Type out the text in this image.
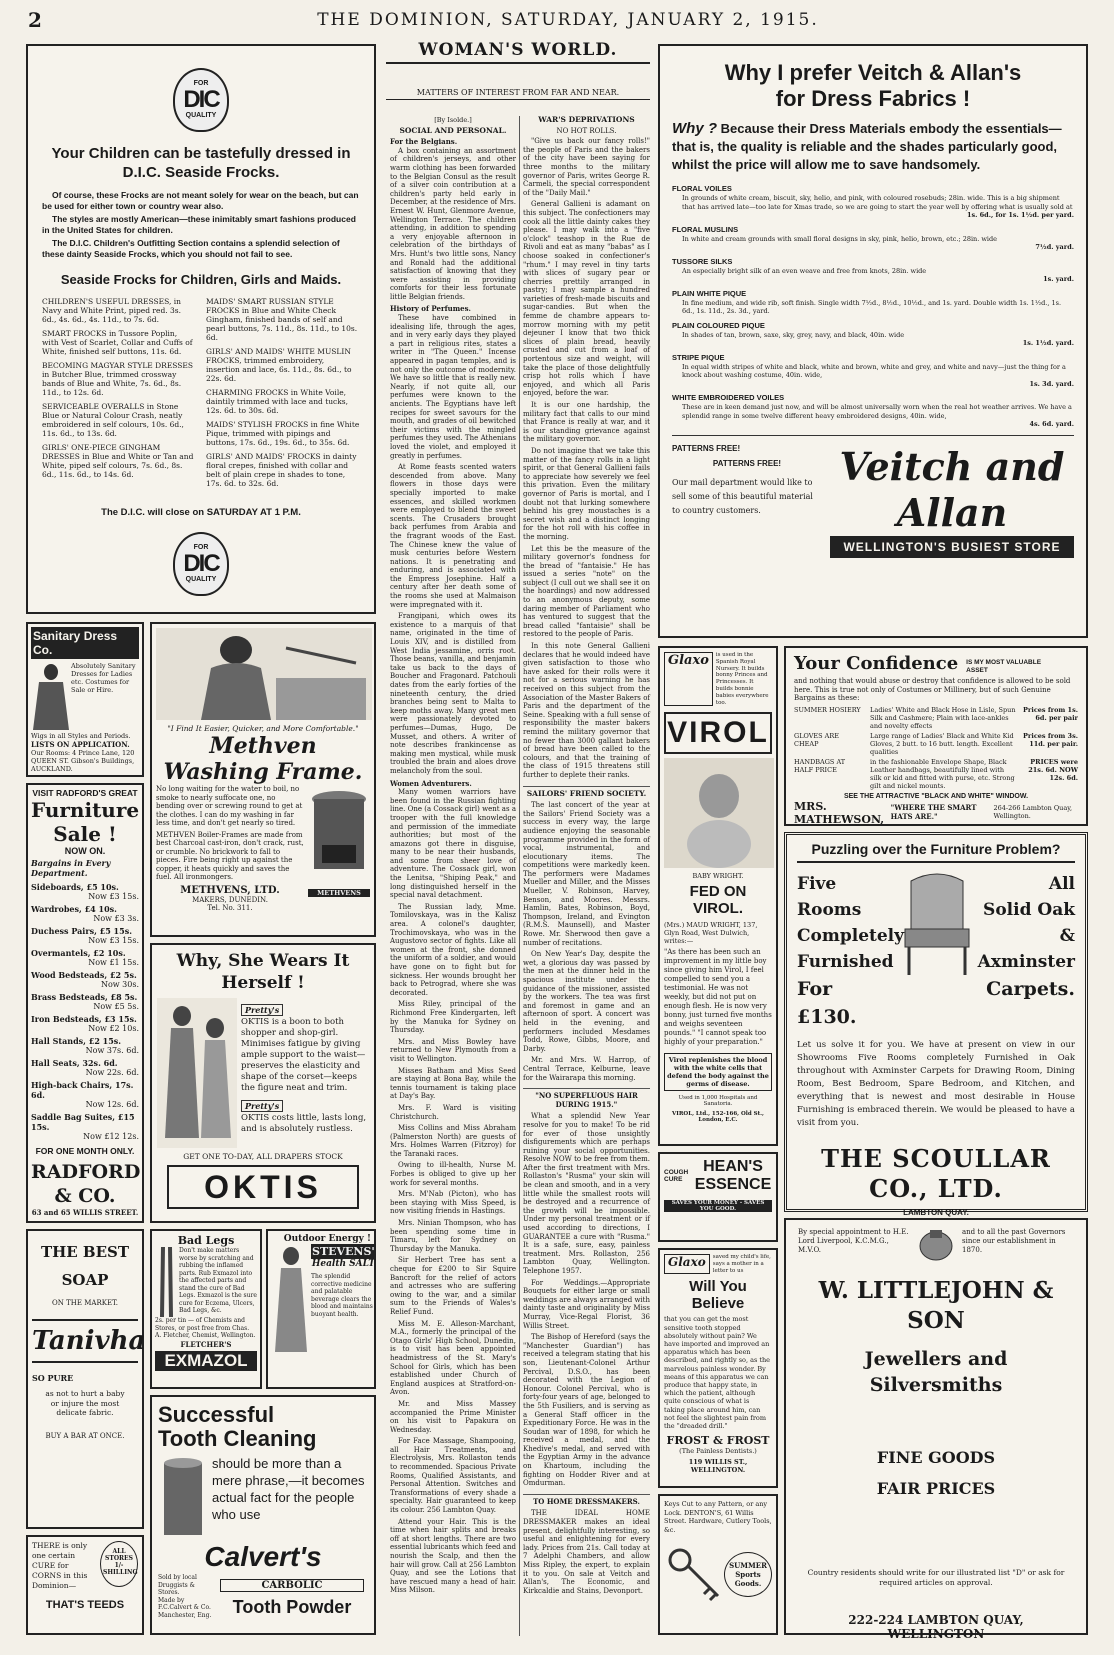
2	THE DOMINION, SATURDAY, JANUARY 2, 1915.
FOR
DIC
QUALITY
Your Children can be tastefully dressed in D.I.C. Seaside Frocks.
Of course, these Frocks are not meant solely for wear on the beach, but can be used for either town or country wear also.
The styles are mostly American—these inimitably smart fashions produced in the United States for children.
The D.I.C. Children's Outfitting Section contains a splendid selection of these dainty Seaside Frocks, which you should not fail to see.
Seaside Frocks for Children, Girls and Maids.
CHILDREN'S USEFUL DRESSES, in Navy and White Print, piped red. 3s. 6d., 4s. 6d., 4s. 11d., to 7s. 6d.
SMART FROCKS in Tussore Poplin, with Vest of Scarlet, Collar and Cuffs of White, finished self buttons, 11s. 6d.
BECOMING MAGYAR STYLE DRESSES in Butcher Blue, trimmed crossway bands of Blue and White, 7s. 6d., 8s. 11d., to 12s. 6d.
SERVICEABLE OVERALLS in Stone Blue or Natural Colour Crash, neatly embroidered in self colours, 10s. 6d., 11s. 6d., to 13s. 6d.
GIRLS' ONE-PIECE GINGHAM DRESSES in Blue and White or Tan and White, piped self colours, 7s. 6d., 8s. 6d., 11s. 6d., to 14s. 6d.
MAIDS' SMART RUSSIAN STYLE FROCKS in Blue and White Check Gingham, finished bands of self and pearl buttons, 7s. 11d., 8s. 11d., to 10s. 6d.
GIRLS' AND MAIDS' WHITE MUSLIN FROCKS, trimmed embroidery, insertion and lace, 6s. 11d., 8s. 6d., to 22s. 6d.
CHARMING FROCKS in White Voile, daintily trimmed with lace and tucks, 12s. 6d. to 30s. 6d.
MAIDS' STYLISH FROCKS in fine White Pique, trimmed with pipings and buttons, 17s. 6d., 19s. 6d., to 35s. 6d.
GIRLS' AND MAIDS' FROCKS in dainty floral crepes, finished with collar and belt of plain crepe in shades to tone, 17s. 6d. to 32s. 6d.
The D.I.C. will close on SATURDAY AT 1 P.M.
FOR
DIC
QUALITY
Sanitary Dress Co.
Absolutely Sanitary Dresses for Ladies etc. Costumes for Sale or Hire.
Wigs in all Styles and Periods.
LISTS ON APPLICATION.
Our Rooms: 4 Prince Lane, 120 QUEEN ST. Gibson's Buildings, AUCKLAND.
"I Find It Easier, Quicker, and More Comfortable."
Methven Washing Frame.
No long waiting for the water to boil, no smoke to nearly suffocate one, no bending over or screwing round to get at the clothes. I can do my washing in far less time, and don't get nearly so tired.
METHVEN Boiler-Frames are made from best Charcoal cast-iron, don't crack, rust, or crumble. No brickwork to fall to pieces. Fire being right up against the copper, it heats quickly and saves the fuel. All ironmongers.
METHVENS, LTD.
MAKERS, DUNEDIN.
Tel. No. 311.
METHVENS
VISIT RADFORD'S GREAT
Furniture Sale !
NOW ON.
Bargains in Every Department.
Sideboards, £5 10s.
Now £3 15s.
Wardrobes, £4 10s.
Now £3 3s.
Duchess Pairs, £5 15s.
Now £3 15s.
Overmantels, £2 10s.
Now £1 15s.
Wood Bedsteads, £2 5s.
Now 30s.
Brass Bedsteads, £8 5s.
Now £5 5s.
Iron Bedsteads, £3 15s.
Now £2 10s.
Hall Stands, £2 15s.
Now 37s. 6d.
Hall Seats, 32s. 6d.
Now 22s. 6d.
High-back Chairs, 17s. 6d.
Now 12s. 6d.
Saddle Bag Suites, £15 15s.
Now £12 12s.
FOR ONE MONTH ONLY.
RADFORD & CO.
63 and 65 WILLIS STREET.
Why, She Wears It Herself !
Pretty's
OKTIS is a boon to both shopper and shop-girl. Minimises fatigue by giving ample support to the waist—preserves the elasticity and shape of the corset—keeps the figure neat and trim.
Pretty's
OKTIS costs little, lasts long, and is absolutely rustless.
GET ONE TO-DAY, ALL DRAPERS STOCK
OKTIS
THE BEST
SOAP
ON THE MARKET.
Tanivha
SO PURE
as not to hurt a baby or injure the most delicate fabric.
BUY A BAR AT ONCE.
THERE is only one certain CURE for CORNS in this Dominion—
ALL STORES 1/- SHILLING
THAT'S TEEDS
Bad Legs
Don't make matters worse by scratching and rubbing the inflamed parts. Rub Exmazol into the affected parts and stand the cure of Bad Legs. Exmazol is the sure cure for Eczema, Ulcers, Bad Legs, &c.
2s. per tin — of Chemists and Stores, or post free from Chas. A. Fletcher, Chemist, Wellington.
FLETCHER'S
EXMAZOL
Outdoor Energy !
STEVENS'
Health SALT
The splendid corrective medicine and palatable beverage clears the blood and maintains buoyant health.
Successful
Tooth Cleaning
should be more than a mere phrase,—it becomes actual fact for the people who use
Calvert's
Sold by local Druggists & Stores.
CARBOLIC
Made by F.C.Calvert & Co. Manchester, Eng.	Tooth Powder
WOMAN'S WORLD.
MATTERS OF INTEREST FROM FAR AND NEAR.
[By Isolde.]
SOCIAL AND PERSONAL.
For the Belgians.

A box containing an assortment of children's jerseys, and other warm clothing has been forwarded to the Belgian Consul as the result of a silver coin contribution at a children's party held early in December, at the residence of Mrs. Ernest W. Hunt, Glenmore Avenue, Wellington Terrace. The children attending, in addition to spending a very enjoyable afternoon in celebration of the birthdays of Mrs. Hunt's two little sons, Nancy and Ronald had the additional satisfaction of knowing that they were assisting in providing comforts for their less fortunate little Belgian friends.

History of Perfumes.

These have combined in idealising life, through the ages, and in very early days they played a part in religious rites, states a writer in "The Queen." Incense appeared in pagan temples, and is not only the outcome of modernity. We have so little that is really new. Nearly, if not quite all, our perfumes were known to the ancients. The Egyptians have left recipes for sweet savours for the mouth, and grades of oil bewitched their victims with the mingled perfumes they used. The Athenians loved the violet, and employed it greatly in perfumes.

At Rome feasts scented waters descended from above. Many flowers in those days were specially imported to make essences, and skilled workmen were employed to blend the sweet scents. The Crusaders brought back perfumes from Arabia and the fragrant woods of the East. The Chinese knew the value of musk centuries before Western nations. It is penetrating and enduring, and is associated with the Empress Josephine. Half a century after her death some of the rooms she used at Malmaison were impregnated with it.

Frangipani, which owes its existence to a marquis of that name, originated in the time of Louis XIV, and is distilled from West India jessamine, orris root. Those beans, vanilla, and benjamin take us back to the days of Boucher and Fragonard. Patchouli dates from the early forties of the nineteenth century, the dried branches being sent to Malta to keep moths away. Many great men were passionately devoted to perfumes—Dumas, Hugo, De Musset, and others. A writer of note describes frankincense as making men mystical, while musk troubled the brain and aloes drove melancholy from the soul.

Women Adventurers.

Many women warriors have been found in the Russian fighting line. One (a Cossack girl) went as a trooper with the full knowledge and permission of the immediate authorities; but most of the amazons got there in disguise, many to be near their husbands, and some from sheer love of adventure. The Cossack girl, won the Lenitsa, "Shiping Peak," and long distinguished herself in the special naval detachment.

The Russian lady, Mme. Tomilovskaya, was in the Kalisz area. A colonel's daughter, Trochimovskaya, who was in the Augustovo sector of fights. Like all women at the front, she donned the uniform of a soldier, and would have gone on to fight but for sickness. Her wounds brought her back to Petrograd, where she was decorated.

Miss Riley, principal of the Richmond Free Kindergarten, left by the Manuka for Sydney on Thursday.

Mrs. and Miss Bowley have returned to New Plymouth from a visit to Wellington.

Misses Batham and Miss Seed are staying at Bona Bay, while the tennis tournament is taking place at Day's Bay.

Mrs. F. Ward is visiting Christchurch.

Miss Collins and Miss Abraham (Palmerston North) are guests of Mrs. Holmes Warren (Fitzroy) for the Taranaki races.

Owing to ill-health, Nurse M. Forbes is obliged to give up her work for several months.

Mrs. M'Nab (Picton), who has been staying with Miss Speed, is now visiting friends in Hastings.

Mrs. Ninian Thompson, who has been spending some time in Timaru, left for Sydney on Thursday by the Manuka.

Sir Herbert Tree has sent a cheque for £200 to Sir Squire Bancroft for the relief of actors and actresses who are suffering owing to the war, and a similar sum to the Friends of Wales's Relief Fund.

Miss M. E. Alleson-Marchant, M.A., formerly the principal of the Otago Girls' High School, Dunedin, is to visit has been appointed headmistress of the St. Mary's School for Girls, which has been established under Church of England auspices at Stratford-on-Avon.

Mr. and Miss Massey accompanied the Prime Minister on his visit to Papakura on Wednesday.

For Face Massage, Shampooing, all Hair Treatments, and Electrolysis, Mrs. Rollaston tends to recommended. Spacious Private Rooms, Qualified Assistants, and Personal Attention. Switches and Transformations of every shade a specialty. Hair guaranteed to keep its colour. 256 Lambton Quay.

Attend your Hair. This is the time when hair splits and breaks off at short lengths. There are two essential lubricants which feed and nourish the Scalp, and then the hair will grow. Call at 256 Lambton Quay, and see the Lotions that have rescued many a head of hair. Miss Milson.

WAR'S DEPRIVATIONS
NO HOT ROLLS.

"Give us back our fancy rolls!" the people of Paris and the bakers of the city have been saying for three months to the military governor of Paris, writes George R. Carmeli, the special correspondent of the "Daily Mail."

General Gallieni is adamant on this subject. The confectioners may cook all the little dainty cakes they please. I may walk into a "five o'clock" teashop in the Rue de Rivoli and eat as many "babas" as I choose soaked in confectioner's "rhum." I may revel in tiny tarts with slices of sugary pear or cherries prettily arranged in pastry; I may sample a hundred varieties of fresh-made biscuits and sugar-candies. But when the femme de chambre appears to-morrow morning with my petit dejeuner I know that two thick slices of plain bread, heavily crusted and cut from a loaf of portentous size and weight, will take the place of those delightfully crisp hot rolls which I have enjoyed, and which all Paris enjoyed, before the war.

It is our one hardship, the military fact that calls to our mind that France is really at war, and it is our standing grievance against the military governor.

Do not imagine that we take this matter of the fancy rolls in a light spirit, or that General Gallieni fails to appreciate how severely we feel this privation. Even the military governor of Paris is mortal, and I doubt not that lurking somewhere behind his grey moustaches is a secret wish and a distinct longing for the hot roll with his coffee in the morning.

Let this be the measure of the military governor's fondness for the bread of "fantaisie." He has issued a series "note" on the subject (I cull out we shall see it on the hoardings) and now addressed to an anonymous deputy, some daring member of Parliament who has ventured to suggest that the bread called "fantaisie" shall be restored to the people of Paris.

In this note General Gallieni declares that he would indeed have given satisfaction to those who have asked for their rolls were it not for a serious warning he has received on this subject from the Association of the Master Bakers of Paris and the department of the Seine. Speaking with a full sense of responsibility the master bakers remind the military governor that no fewer than 3000 gallant bakers of bread have been called to the colours, and that the training of the class of 1915 threatens still further to deplete their ranks.

SAILORS' FRIEND SOCIETY.

The last concert of the year at the Sailors' Friend Society was a success in every way, the large audience enjoying the seasonable programme provided in the form of vocal, instrumental, and elocutionary items. The competitions were markedly keen. The performers were Madames Mueller and Miller, and the Misses Mueller, V. Robinson, Harvey, Benson, and Moores. Messrs. Hamlin, Bates, Robinson, Boyd, Thompson, Ireland, and Evington (R.M.S. Maunsell), and Master Rowe. Mr. Sherwood then gave a number of recitations.

On New Year's Day, despite the wet, a glorious day was passed by the men at the dinner held in the spacious institute under the guidance of the missioner, assisted by the workers. The tea was first and foremost in game and an afternoon of sport. A concert was held in the evening, and performers included Mesdames Todd, Rowe, Gibbs, Moore, and Darby.

Mr. and Mrs. W. Harrop, of Central Terrace, Kelburne, leave for the Wairarapa this morning.

"NO SUPERFLUOUS HAIR DURING 1915."

What a splendid New Year resolve for you to make! To be rid for ever of those unsightly disfigurements which are perhaps ruining your social opportunities. Resolve NOW to be free from them. After the first treatment with Mrs. Rollaston's "Rusma" your skin will be clean and smooth, and in a very little while the smallest roots will be destroyed and a recurrence of the growth will be impossible. Under my personal treatment or if used according to directions, I GUARANTEE a cure with "Rusma." It is a safe, sure, easy, painless treatment. Mrs. Rollaston, 256 Lambton Quay, Wellington. Telephone 1957.

For Weddings.—Appropriate Bouquets for either large or small weddings are always arranged with dainty taste and originality by Miss Murray, Vice-Regal Florist, 36 Willis Street.

The Bishop of Hereford (says the "Manchester Guardian") has received a telegram stating that his son, Lieutenant-Colonel Arthur Percival, D.S.O., has been decorated with the Legion of Honour. Colonel Percival, who is forty-four years of age, belonged to the 5th Fusiliers, and is serving as a General Staff officer in the Expeditionary Force. He was in the Soudan war of 1898, for which he received a medal, and the Khedive's medal, and served with the Egyptian Army in the advance on Khartoum, including the fighting on Hodder River and at Omdurman.

TO HOME DRESSMAKERS.

THE IDEAL HOME DRESSMAKER makes an ideal present, delightfully interesting, so useful and enlightening for every lady. Prices from 21s. Call today at 7 Adelphi Chambers, and allow Miss Ripley, the expert, to explain it to you. On sale at Veitch and Allan's, The Economic, and Kirkcaldie and Stains, Devonport.

Why I prefer Veitch & Allan's
for Dress Fabrics !
Why ? Because their Dress Materials embody the essentials—that is, the quality is reliable and the shades particularly good, whilst the price will allow me to save handsomely.
FLORAL VOILES
In grounds of white cream, biscuit, sky, helio, and pink, with coloured rosebuds; 28in. wide. This is a big shipment that has arrived late—too late for Xmas trade, so we are going to start the year well by offering what is usually sold at
1s. 6d., for 1s. 1½d. per yard.
FLORAL MUSLINS
In white and cream grounds with small floral designs in sky, pink, helio, brown, etc.; 28in. wide
7½d. yard.
TUSSORE SILKS
An especially bright silk of an even weave and free from knots, 28in. wide
1s. yard.
PLAIN WHITE PIQUE
In fine medium, and wide rib, soft finish. Single width 7½d., 8½d., 10½d., and 1s. yard. Double width 1s. 1½d., 1s. 6d., 1s. 11d., 2s. 3d., yard.
PLAIN COLOURED PIQUE
In shades of tan, brown, saxe, sky, grey, navy, and black, 40in. wide
1s. 1½d. yard.
STRIPE PIQUE
In equal width stripes of white and black, white and brown, white and grey, and white and navy—just the thing for a knock about washing costume, 40in. wide,
1s. 3d. yard.
WHITE EMBROIDERED VOILES
These are in keen demand just now, and will be almost universally worn when the real hot weather arrives. We have a splendid range in some twelve different heavy embroidered designs, 40in. wide,
4s. 6d. yard.
PATTERNS FREE!
PATTERNS FREE!
Our mail department would like to sell some of this beautiful material to country customers.
Veitch and Allan
WELLINGTON'S BUSIEST STORE
Glaxo	is used in the Spanish Royal Nursery. It builds bonny Princes and Princesses. It builds bonnie babies everywhere too.
VIROL
BABY WRIGHT.
FED ON VIROL.
(Mrs.) MAUD WRIGHT, 137, Glyn Road, West Dulwich, writes:—
"As there has been such an improvement in my little boy since giving him Virol, I feel compelled to send you a testimonial. He was not weekly, but did not put on enough flesh. He is now very bonny, just turned five months and weighs seventeen pounds." "I cannot speak too highly of your preparation."
Virol replenishes the blood with the white cells that defend the body against the germs of disease.
Used in 1,000 Hospitals and Sanatoria.
VIROL, Ltd., 152-166, Old St., London, E.C.
COUGH
CURE
HEAN'S
ESSENCE
SAVES YOUR MONEY - SAVES YOU GOOD.
Glaxo	saved my child's life, says a mother in a letter to us
Will You Believe
that you can get the most sensitive tooth stopped absolutely without pain? We have imported and improved an apparatus which has been described, and rightly so, as the marvelous painless wonder. By means of this apparatus we can produce that happy state, in which the patient, although quite conscious of what is taking place around him, can not feel the slightest pain from the "dreaded drill."
FROST & FROST
(The Painless Dentists.)
119 WILLIS ST., WELLINGTON.
Keys Cut to any Pattern, or any Lock. DENTON'S, 61 Willis Street. Hardware, Cutlery Tools, &c.
SUMMER Sports Goods.
Your Confidence IS MY MOST VALUABLE ASSET
and nothing that would abuse or destroy that confidence is allowed to be sold here. This is true not only of Costumes or Millinery, but of such Genuine Bargains as these:
SUMMER HOSIERY	Ladies' White and Black Hose in Lisle, Spun Silk and Cashmere; Plain with lace-ankles and novelty effects
Prices from 1s. 6d. per pair
GLOVES ARE CHEAP
Large range of Ladies' Black and White Kid Gloves, 2 butt. to 16 butt. length. Excellent qualities
Prices from 3s. 11d. per pair.
HANDBAGS AT HALF PRICE
in the fashionable Envelope Shape, Black Leather handbags, beautifully lined with silk or kid and fitted with purse, etc. Strong gilt and nickel mounts.
PRICES were 21s. 6d. NOW 12s. 6d.
SEE THE ATTRACTIVE "BLACK AND WHITE" WINDOW.
MRS. MATHEWSON,
"WHERE THE SMART HATS ARE."
264-266 Lambton Quay, Wellington.
Puzzling over the Furniture Problem?
Five Rooms
Completely
Furnished
For £130.
All
Solid Oak &
Axminster
Carpets.
Let us solve it for you. We have at present on view in our Showrooms Five Rooms completely Furnished in Oak throughout with Axminster Carpets for Drawing Room, Dining Room, Best Bedroom, Spare Bedroom, and Kitchen, and everything that is newest and most desirable in House Furnishing is embraced therein. We would be pleased to have a visit from you.
THE SCOULLAR CO., LTD.
LAMBTON QUAY.
By special appointment to H.E. Lord Liverpool, K.C.M.G., M.V.O.
and to all the past Governors since our establishment in 1870.
W. LITTLEJOHN & SON
Jewellers and Silversmiths
FINE GOODS
FAIR PRICES
Country residents should write for our illustrated list "D" or ask for required articles on approval.
222-224 LAMBTON QUAY, WELLINGTON
